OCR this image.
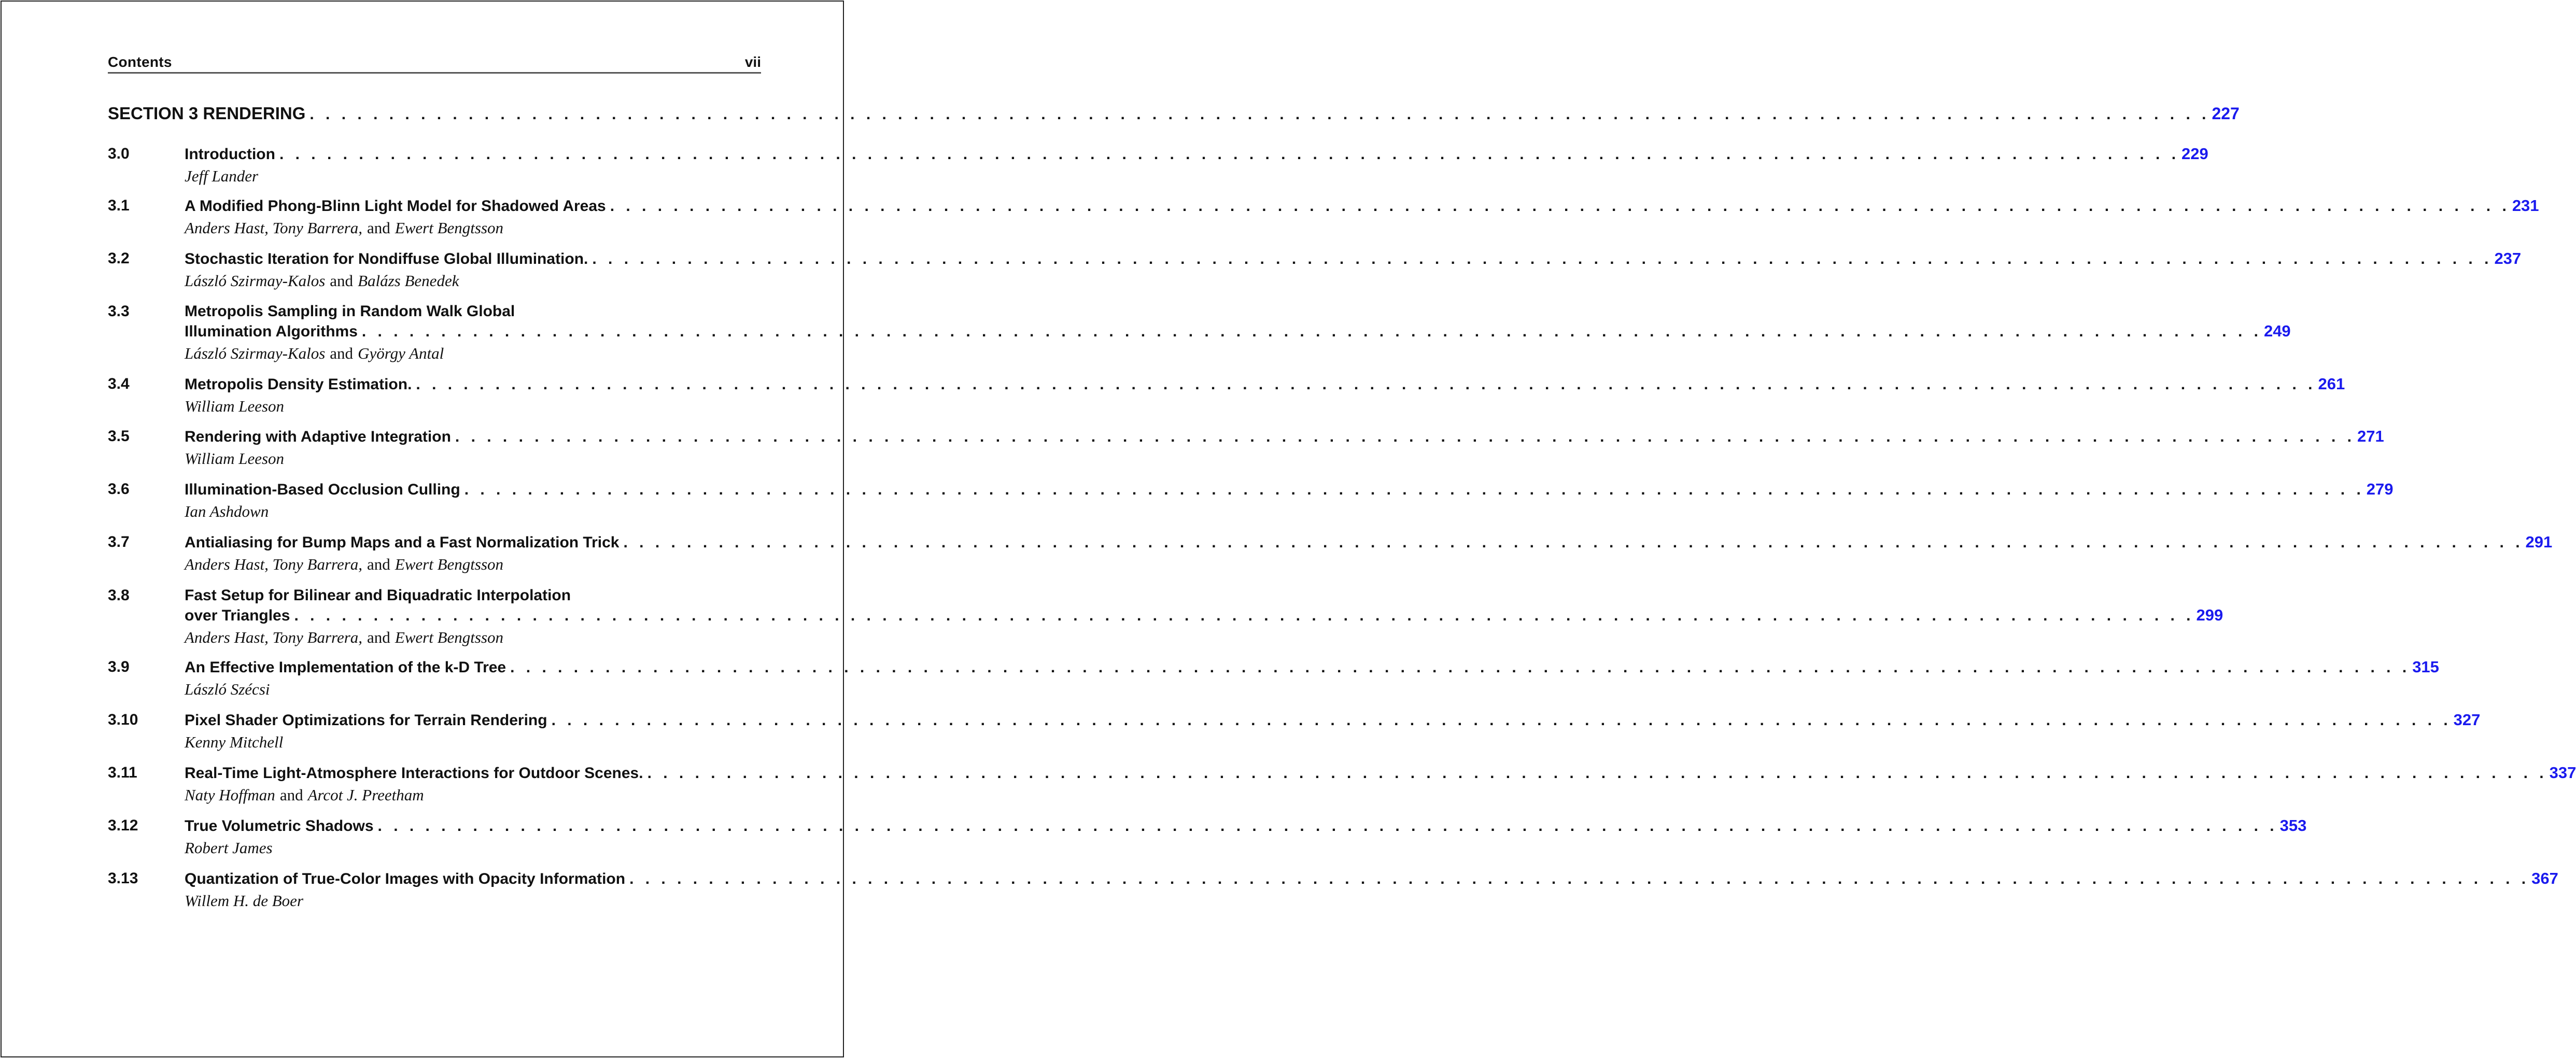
Contents	vii
SECTION 3 RENDERING . . . . . . . . . . . . . . . . . . . . . . . . . . . . . . . . . . . . . . . . . . . . . . . . . . . . . . . . . . . . . . . . . . . . . . . . . . . . . . . . . . . . . . . . . . . . . . . . . . . . . . . . . . . . . . . . . . . . . . . . 227
3.0	Introduction . . . . . . . . . . . . . . . . . . . . . . . . . . . . . . . . . . . . . . . . . . . . . . . . . . . . . . . . . . . . . . . . . . . . . . . . . . . . . . . . . . . . . . . . . . . . . . . . . . . . . . . . . . . . . . . . . . . . . . . . 229
Jeff Lander
3.1	A Modified Phong-Blinn Light Model for Shadowed Areas . . . . . . . . . . . . . . . . . . . . . . . . . . . . . . . . . . . . . . . . . . . . . . . . . . . . . . . . . . . . . . . . . . . . . . . . . . . . . . . . . . . . . . . . . . . . . . . . . . . . . . . . . . . . . . . . . . . . . . . . 231
Anders Hast, Tony Barrera, and Ewert Bengtsson
3.2	Stochastic Iteration for Nondiffuse Global Illumination. . . . . . . . . . . . . . . . . . . . . . . . . . . . . . . . . . . . . . . . . . . . . . . . . . . . . . . . . . . . . . . . . . . . . . . . . . . . . . . . . . . . . . . . . . . . . . . . . . . . . . . . . . . . . . . . . . . . . . . . . 237
László Szirmay-Kalos and Balázs Benedek
3.3	Metropolis Sampling in Random Walk Global
Illumination Algorithms . . . . . . . . . . . . . . . . . . . . . . . . . . . . . . . . . . . . . . . . . . . . . . . . . . . . . . . . . . . . . . . . . . . . . . . . . . . . . . . . . . . . . . . . . . . . . . . . . . . . . . . . . . . . . . . . . . . . . . . . 249
László Szirmay-Kalos and György Antal
3.4	Metropolis Density Estimation. . . . . . . . . . . . . . . . . . . . . . . . . . . . . . . . . . . . . . . . . . . . . . . . . . . . . . . . . . . . . . . . . . . . . . . . . . . . . . . . . . . . . . . . . . . . . . . . . . . . . . . . . . . . . . . . . . . . . . . . . 261
William Leeson
3.5	Rendering with Adaptive Integration . . . . . . . . . . . . . . . . . . . . . . . . . . . . . . . . . . . . . . . . . . . . . . . . . . . . . . . . . . . . . . . . . . . . . . . . . . . . . . . . . . . . . . . . . . . . . . . . . . . . . . . . . . . . . . . . . . . . . . . . 271
William Leeson
3.6	Illumination-Based Occlusion Culling . . . . . . . . . . . . . . . . . . . . . . . . . . . . . . . . . . . . . . . . . . . . . . . . . . . . . . . . . . . . . . . . . . . . . . . . . . . . . . . . . . . . . . . . . . . . . . . . . . . . . . . . . . . . . . . . . . . . . . . . 279
Ian Ashdown
3.7	Antialiasing for Bump Maps and a Fast Normalization Trick . . . . . . . . . . . . . . . . . . . . . . . . . . . . . . . . . . . . . . . . . . . . . . . . . . . . . . . . . . . . . . . . . . . . . . . . . . . . . . . . . . . . . . . . . . . . . . . . . . . . . . . . . . . . . . . . . . . . . . . . 291
Anders Hast, Tony Barrera, and Ewert Bengtsson
3.8	Fast Setup for Bilinear and Biquadratic Interpolation
over Triangles . . . . . . . . . . . . . . . . . . . . . . . . . . . . . . . . . . . . . . . . . . . . . . . . . . . . . . . . . . . . . . . . . . . . . . . . . . . . . . . . . . . . . . . . . . . . . . . . . . . . . . . . . . . . . . . . . . . . . . . . 299
Anders Hast, Tony Barrera, and Ewert Bengtsson
3.9	An Effective Implementation of the k-D Tree . . . . . . . . . . . . . . . . . . . . . . . . . . . . . . . . . . . . . . . . . . . . . . . . . . . . . . . . . . . . . . . . . . . . . . . . . . . . . . . . . . . . . . . . . . . . . . . . . . . . . . . . . . . . . . . . . . . . . . . . 315
László Szécsi
3.10	Pixel Shader Optimizations for Terrain Rendering . . . . . . . . . . . . . . . . . . . . . . . . . . . . . . . . . . . . . . . . . . . . . . . . . . . . . . . . . . . . . . . . . . . . . . . . . . . . . . . . . . . . . . . . . . . . . . . . . . . . . . . . . . . . . . . . . . . . . . . . 327
Kenny Mitchell
3.11	Real-Time Light-Atmosphere Interactions for Outdoor Scenes. . . . . . . . . . . . . . . . . . . . . . . . . . . . . . . . . . . . . . . . . . . . . . . . . . . . . . . . . . . . . . . . . . . . . . . . . . . . . . . . . . . . . . . . . . . . . . . . . . . . . . . . . . . . . . . . . . . . . . . . . 337
Naty Hoffman and Arcot J. Preetham
3.12	True Volumetric Shadows . . . . . . . . . . . . . . . . . . . . . . . . . . . . . . . . . . . . . . . . . . . . . . . . . . . . . . . . . . . . . . . . . . . . . . . . . . . . . . . . . . . . . . . . . . . . . . . . . . . . . . . . . . . . . . . . . . . . . . . . 353
Robert James
3.13	Quantization of True-Color Images with Opacity Information . . . . . . . . . . . . . . . . . . . . . . . . . . . . . . . . . . . . . . . . . . . . . . . . . . . . . . . . . . . . . . . . . . . . . . . . . . . . . . . . . . . . . . . . . . . . . . . . . . . . . . . . . . . . . . . . . . . . . . . . 367
Willem H. de Boer
